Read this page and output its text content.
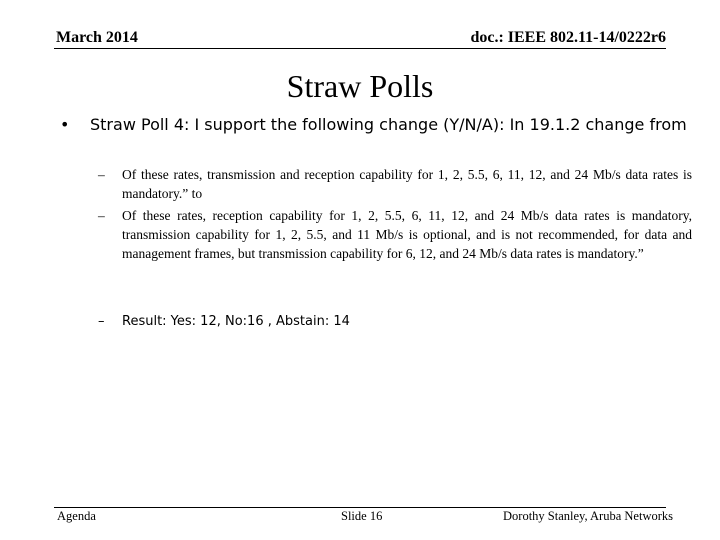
March 2014	doc.: IEEE 802.11-14/0222r6
Straw Polls
• Straw Poll 4: I support the following change (Y/N/A): In 19.1.2 change from
– Of these rates, transmission and reception capability for 1, 2, 5.5, 6, 11, 12, and 24 Mb/s data rates is mandatory.” to
– Of these rates, reception capability for 1, 2, 5.5, 6, 11, 12, and 24 Mb/s data rates is mandatory, transmission capability for 1, 2, 5.5, and 11 Mb/s is optional, and is not recommended, for data and management frames, but transmission capability for 6, 12, and 24 Mb/s data rates is mandatory.”
– Result: Yes: 12, No:16 , Abstain: 14
Agenda	Slide 16	Dorothy Stanley, Aruba Networks
